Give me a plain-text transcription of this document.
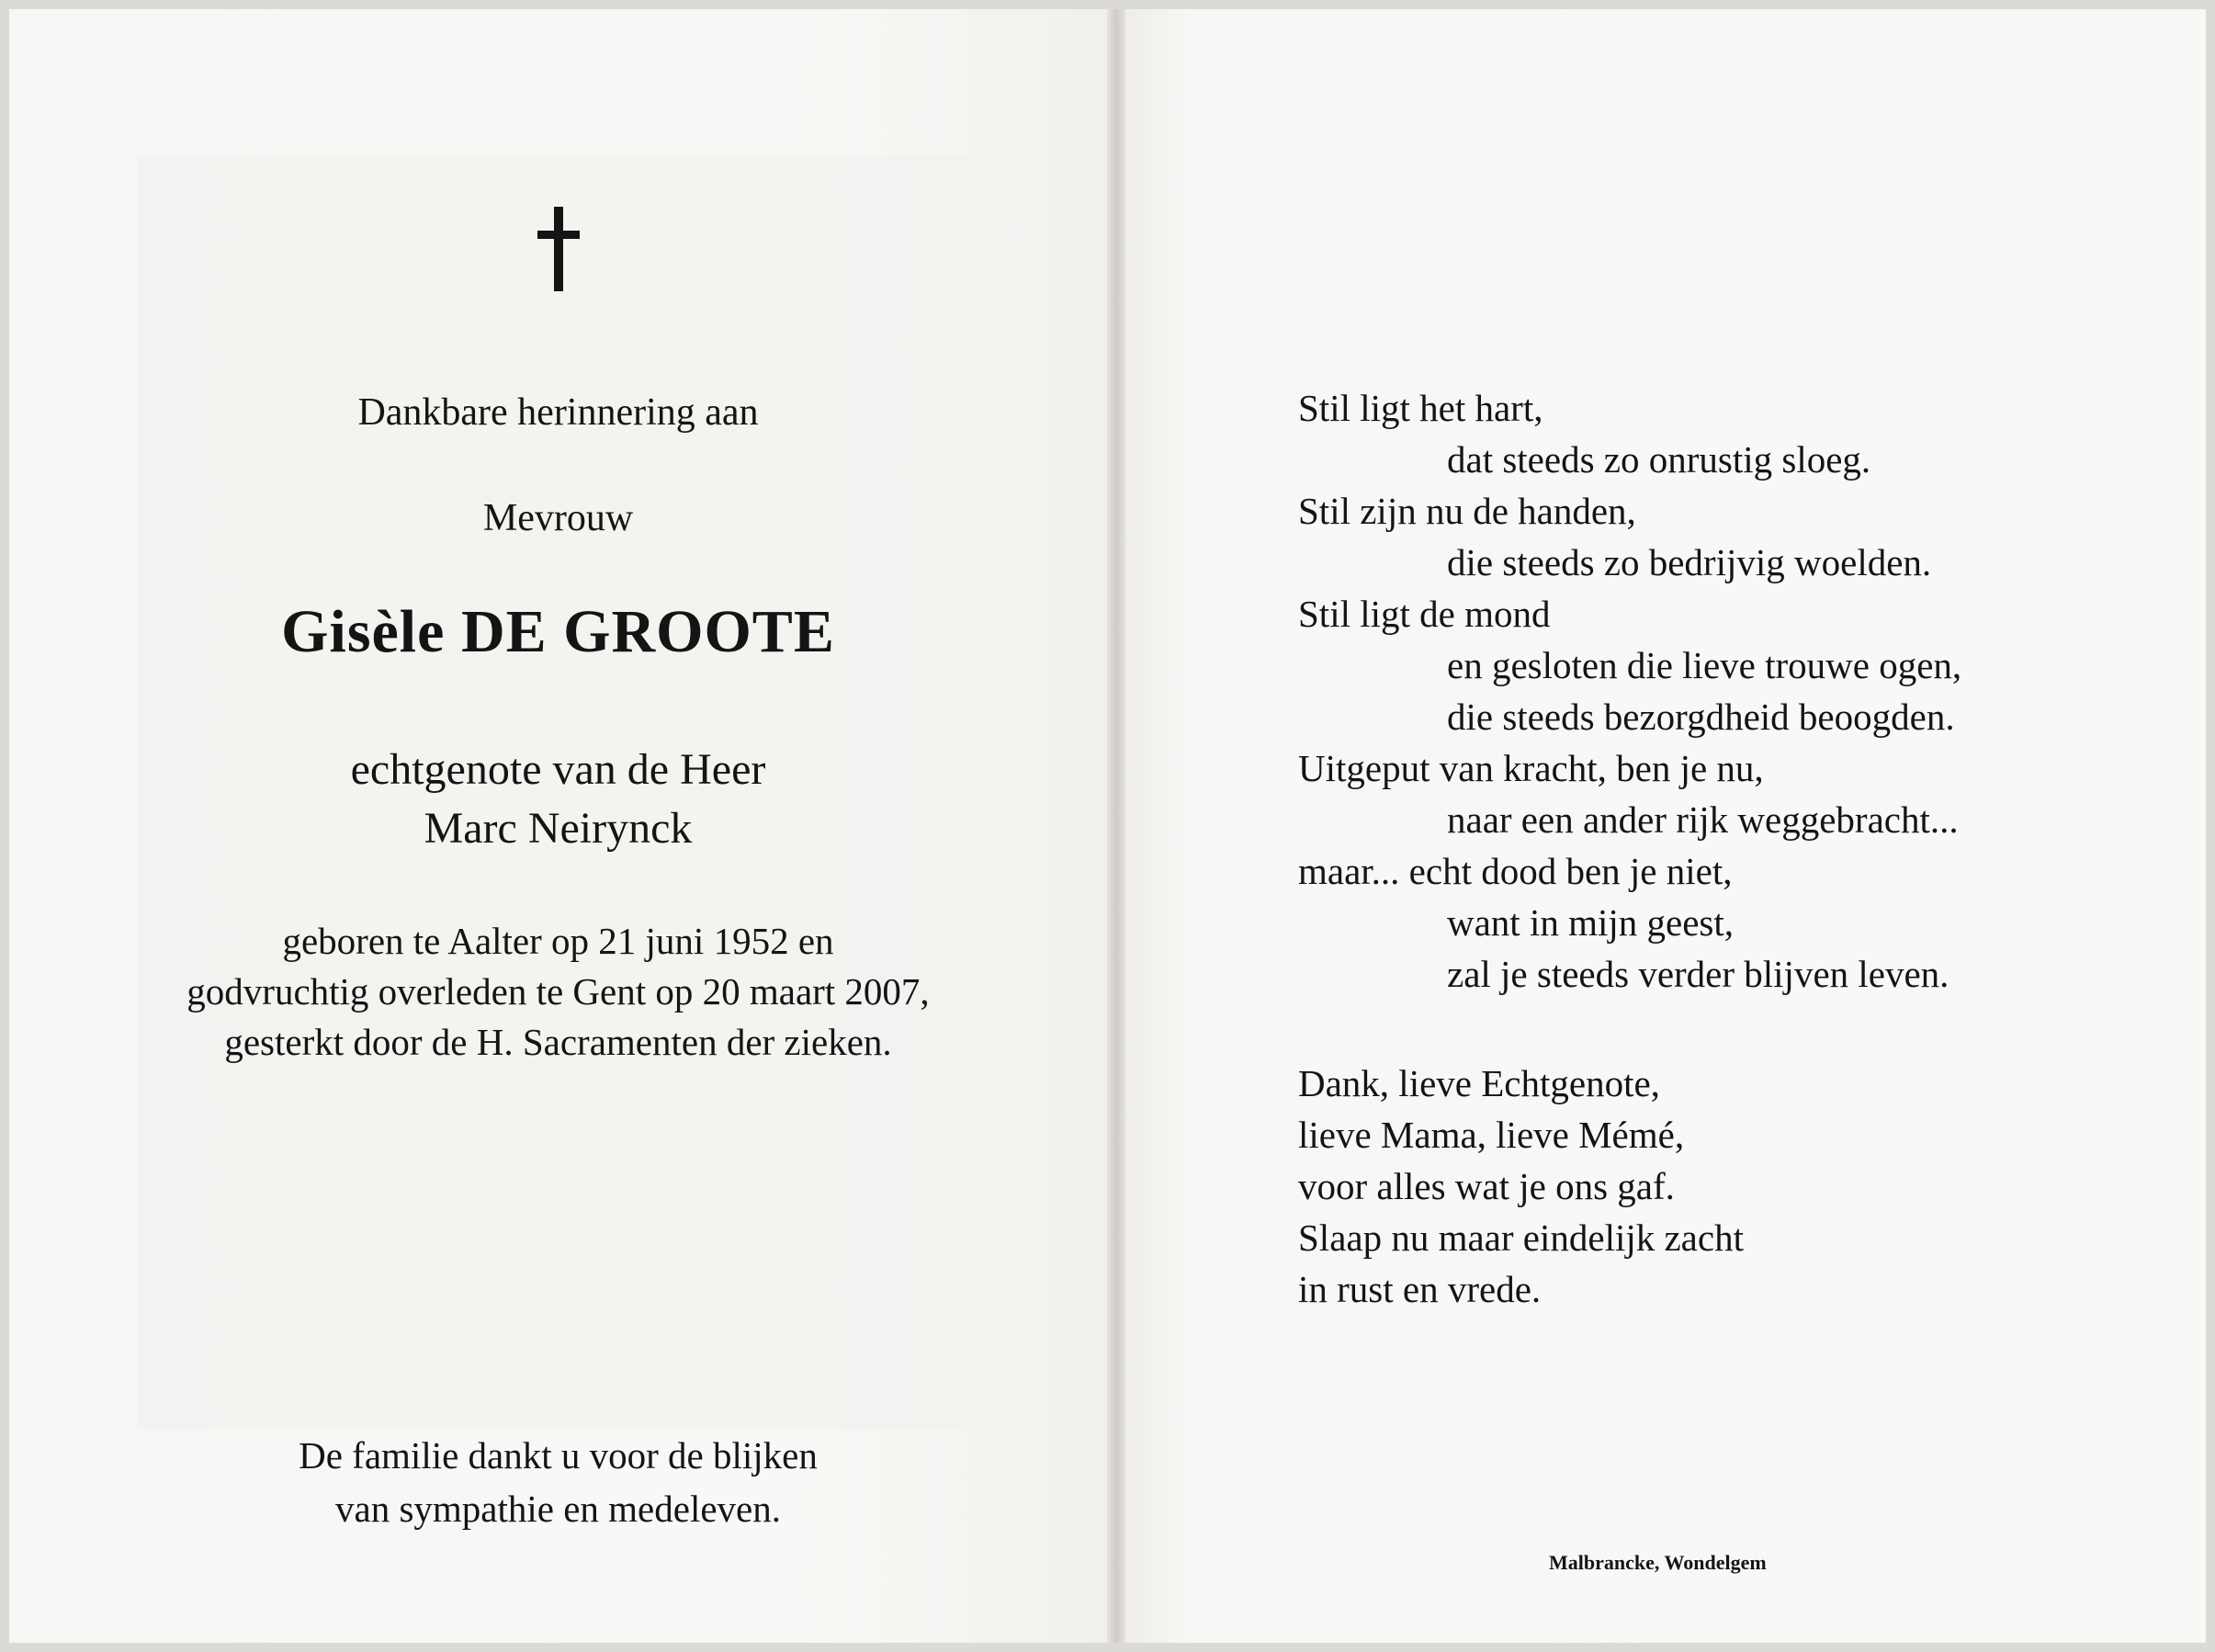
Dankbare herinnering aan
Mevrouw
Gisèle DE GROOTE
echtgenote van de Heer
Marc Neirynck
geboren te Aalter op 21 juni 1952 en
godvruchtig overleden te Gent op 20 maart 2007,
gesterkt door de H. Sacramenten der zieken.
De familie dankt u voor de blijken
van sympathie en medeleven.
Stil ligt het hart,
dat steeds zo onrustig sloeg.
Stil zijn nu de handen,
die steeds zo bedrijvig woelden.
Stil ligt de mond
en gesloten die lieve trouwe ogen,
die steeds bezorgdheid beoogden.
Uitgeput van kracht, ben je nu,
naar een ander rijk weggebracht...
maar... echt dood ben je niet,
want in mijn geest,
zal je steeds verder blijven leven.
Dank, lieve Echtgenote,
lieve Mama, lieve Mémé,
voor alles wat je ons gaf.
Slaap nu maar eindelijk zacht
in rust en vrede.
Malbrancke, Wondelgem
